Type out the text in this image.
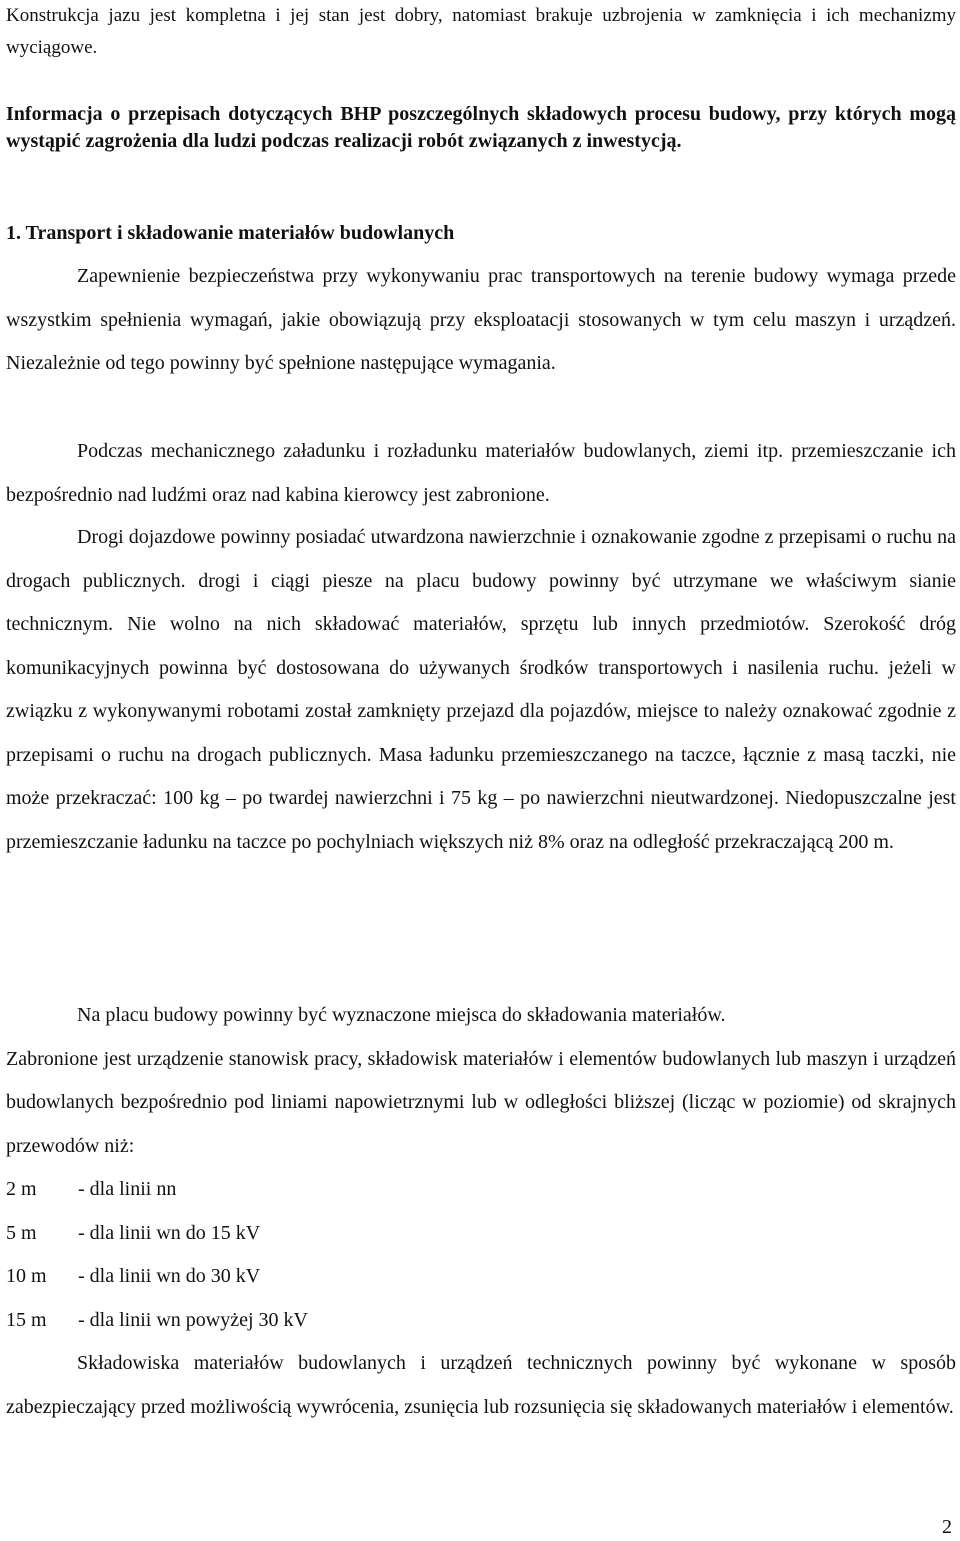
Konstrukcja jazu jest kompletna i jej stan jest dobry, natomiast brakuje uzbrojenia w zamknięcia i ich mechanizmy wyciągowe.

Informacja o przepisach dotyczących BHP poszczególnych składowych procesu budowy, przy których mogą wystąpić zagrożenia dla ludzi podczas realizacji robót związanych z inwestycją.

1. Transport i składowanie materiałów budowlanych

Zapewnienie bezpieczeństwa przy wykonywaniu prac transportowych na terenie budowy wymaga przede wszystkim spełnienia wymagań, jakie obowiązują przy eksploatacji stosowanych w tym celu maszyn i urządzeń. Niezależnie od tego powinny być spełnione następujące wymagania.

Podczas mechanicznego załadunku i rozładunku materiałów budowlanych, ziemi itp. przemieszczanie ich bezpośrednio nad ludźmi oraz nad kabina kierowcy jest zabronione.

Drogi dojazdowe powinny posiadać utwardzona nawierzchnie i oznakowanie zgodne z przepisami o ruchu na drogach publicznych. drogi i ciągi piesze na placu budowy powinny być utrzymane we właściwym sianie technicznym. Nie wolno na nich składować materiałów, sprzętu lub innych przedmiotów. Szerokość dróg komunikacyjnych powinna być dostosowana do używanych środków transportowych i nasilenia ruchu. jeżeli w związku z wykonywanymi robotami został zamknięty przejazd dla pojazdów, miejsce to należy oznakować zgodnie z przepisami o ruchu na drogach publicznych. Masa ładunku przemieszczanego na taczce, łącznie z masą taczki, nie może przekraczać: 100 kg – po twardej nawierzchni i 75 kg – po nawierzchni nieutwardzonej. Niedopuszczalne jest przemieszczanie ładunku na taczce po pochylniach większych niż 8% oraz na odległość przekraczającą 200 m.

Na placu budowy powinny być wyznaczone miejsca do składowania materiałów.
Zabronione jest urządzenie stanowisk pracy, składowisk materiałów i elementów budowlanych lub maszyn i urządzeń budowlanych bezpośrednio pod liniami napowietrznymi lub w odległości bliższej (licząc w poziomie) od skrajnych przewodów niż:

2 m	- dla linii nn
5 m	- dla linii wn do 15 kV
10 m	- dla linii wn do 30 kV
15 m	- dla linii wn powyżej 30 kV

Składowiska materiałów budowlanych i urządzeń technicznych powinny być wykonane w sposób zabezpieczający przed możliwością wywrócenia, zsunięcia lub rozsunięcia się składowanych materiałów i elementów.

2
